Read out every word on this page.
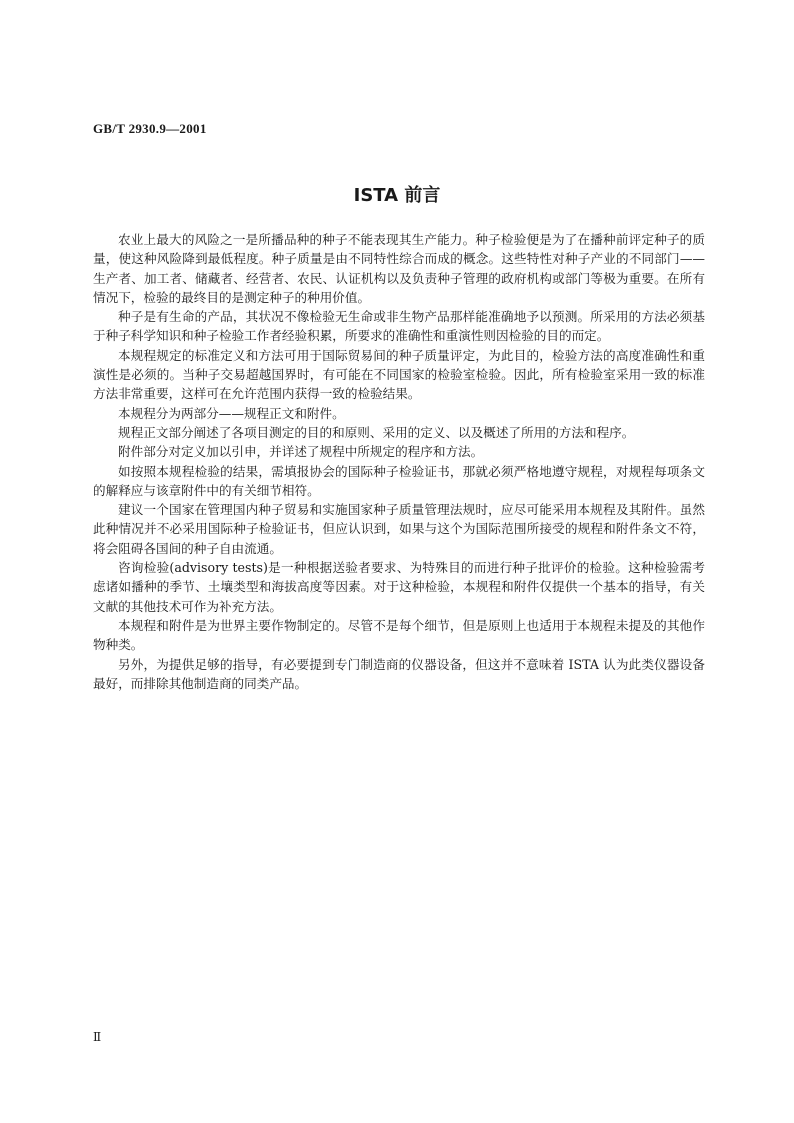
GB/T 2930.9—2001
ISTA 前言

农业上最大的风险之一是所播品种的种子不能表现其生产能力。种子检验便是为了在播种前评定种子的质量，使这种风险降到最低程度。种子质量是由不同特性综合而成的概念。这些特性对种子产业的不同部门——生产者、加工者、储藏者、经营者、农民、认证机构以及负责种子管理的政府机构或部门等极为重要。在所有情况下，检验的最终目的是测定种子的种用价值。

种子是有生命的产品，其状况不像检验无生命或非生物产品那样能准确地予以预测。所采用的方法必须基于种子科学知识和种子检验工作者经验积累，所要求的准确性和重演性则因检验的目的而定。

本规程规定的标准定义和方法可用于国际贸易间的种子质量评定，为此目的，检验方法的高度准确性和重演性是必须的。当种子交易超越国界时，有可能在不同国家的检验室检验。因此，所有检验室采用一致的标准方法非常重要，这样可在允许范围内获得一致的检验结果。

本规程分为两部分——规程正文和附件。

规程正文部分阐述了各项目测定的目的和原则、采用的定义、以及概述了所用的方法和程序。

附件部分对定义加以引申，并详述了规程中所规定的程序和方法。

如按照本规程检验的结果，需填报协会的国际种子检验证书，那就必须严格地遵守规程，对规程每项条文的解释应与该章附件中的有关细节相符。

建议一个国家在管理国内种子贸易和实施国家种子质量管理法规时，应尽可能采用本规程及其附件。虽然此种情况并不必采用国际种子检验证书，但应认识到，如果与这个为国际范围所接受的规程和附件条文不符，将会阻碍各国间的种子自由流通。

咨询检验(advisory tests)是一种根据送验者要求、为特殊目的而进行种子批评价的检验。这种检验需考虑诸如播种的季节、土壤类型和海拔高度等因素。对于这种检验，本规程和附件仅提供一个基本的指导，有关文献的其他技术可作为补充方法。

本规程和附件是为世界主要作物制定的。尽管不是每个细节，但是原则上也适用于本规程未提及的其他作物种类。

另外，为提供足够的指导，有必要提到专门制造商的仪器设备，但这并不意味着 ISTA 认为此类仪器设备最好，而排除其他制造商的同类产品。

Ⅱ
